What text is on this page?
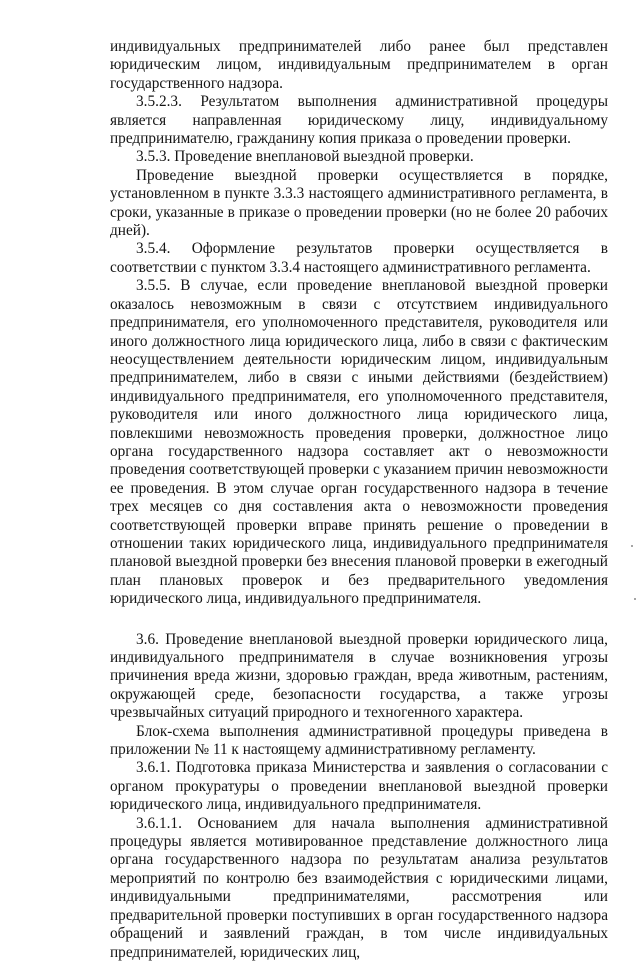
индивидуальных предпринимателей либо ранее был представлен юридическим лицом, индивидуальным предпринимателем в орган государственного надзора.

3.5.2.3. Результатом выполнения административной процедуры является направленная юридическому лицу, индивидуальному предпринимателю, гражданину копия приказа о проведении проверки.

3.5.3. Проведение внеплановой выездной проверки.

Проведение выездной проверки осуществляется в порядке, установленном в пункте 3.3.3 настоящего административного регламента, в сроки, указанные в приказе о проведении проверки (но не более 20 рабочих дней).

3.5.4. Оформление результатов проверки осуществляется в соответствии с пунктом 3.3.4 настоящего административного регламента.

3.5.5. В случае, если проведение внеплановой выездной проверки оказалось невозможным в связи с отсутствием индивидуального предпринимателя, его уполномоченного представителя, руководителя или иного должностного лица юридического лица, либо в связи с фактическим неосуществлением деятельности юридическим лицом, индивидуальным предпринимателем, либо в связи с иными действиями (бездействием) индивидуального предпринимателя, его уполномоченного представителя, руководителя или иного должностного лица юридического лица, повлекшими невозможность проведения проверки, должностное лицо органа государственного надзора составляет акт о невозможности проведения соответствующей проверки с указанием причин невозможности ее проведения. В этом случае орган государственного надзора в течение трех месяцев со дня составления акта о невозможности проведения соответствующей проверки вправе принять решение о проведении в отношении таких юридического лица, индивидуального предпринимателя плановой выездной проверки без внесения плановой проверки в ежегодный план плановых проверок и без предварительного уведомления юридического лица, индивидуального предпринимателя.

3.6. Проведение внеплановой выездной проверки юридического лица, индивидуального предпринимателя в случае возникновения угрозы причинения вреда жизни, здоровью граждан, вреда животным, растениям, окружающей среде, безопасности государства, а также угрозы чрезвычайных ситуаций природного и техногенного характера.

Блок-схема выполнения административной процедуры приведена в приложении № 11 к настоящему административному регламенту.

3.6.1. Подготовка приказа Министерства и заявления о согласовании с органом прокуратуры о проведении внеплановой выездной проверки юридического лица, индивидуального предпринимателя.

3.6.1.1. Основанием для начала выполнения административной процедуры является мотивированное представление должностного лица органа государственного надзора по результатам анализа результатов мероприятий по контролю без взаимодействия с юридическими лицами, индивидуальными предпринимателями, рассмотрения или предварительной проверки поступивших в орган государственного надзора обращений и заявлений граждан, в том числе индивидуальных предпринимателей, юридических лиц,
